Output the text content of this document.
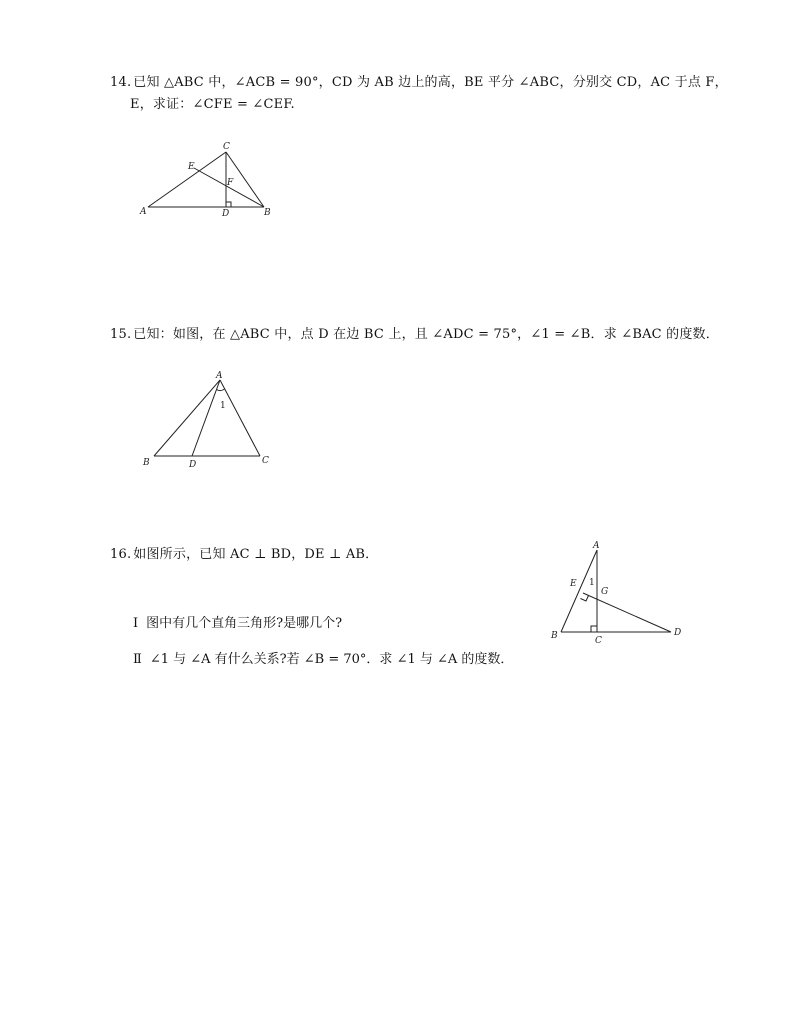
14. 已知 △ABC 中，∠ACB = 90°，CD 为 AB 边上的高，BE 平分 ∠ABC，分别交 CD，AC 于点 F，
E，求证：∠CFE = ∠CEF.
C
E
F
A	D	B
15. 已知：如图，在 △ABC 中，点 D 在边 BC 上，且 ∠ADC = 75°，∠1 = ∠B．求 ∠BAC 的度数．
A
1
B	D	C
16. 如图所示，已知 AC ⊥ BD，DE ⊥ AB．
Ⅰ 图中有几个直角三角形?是哪几个?
Ⅱ ∠1 与 ∠A 有什么关系?若 ∠B = 70°．求 ∠1 与 ∠A 的度数．
A
E 1
G
B	C
D
